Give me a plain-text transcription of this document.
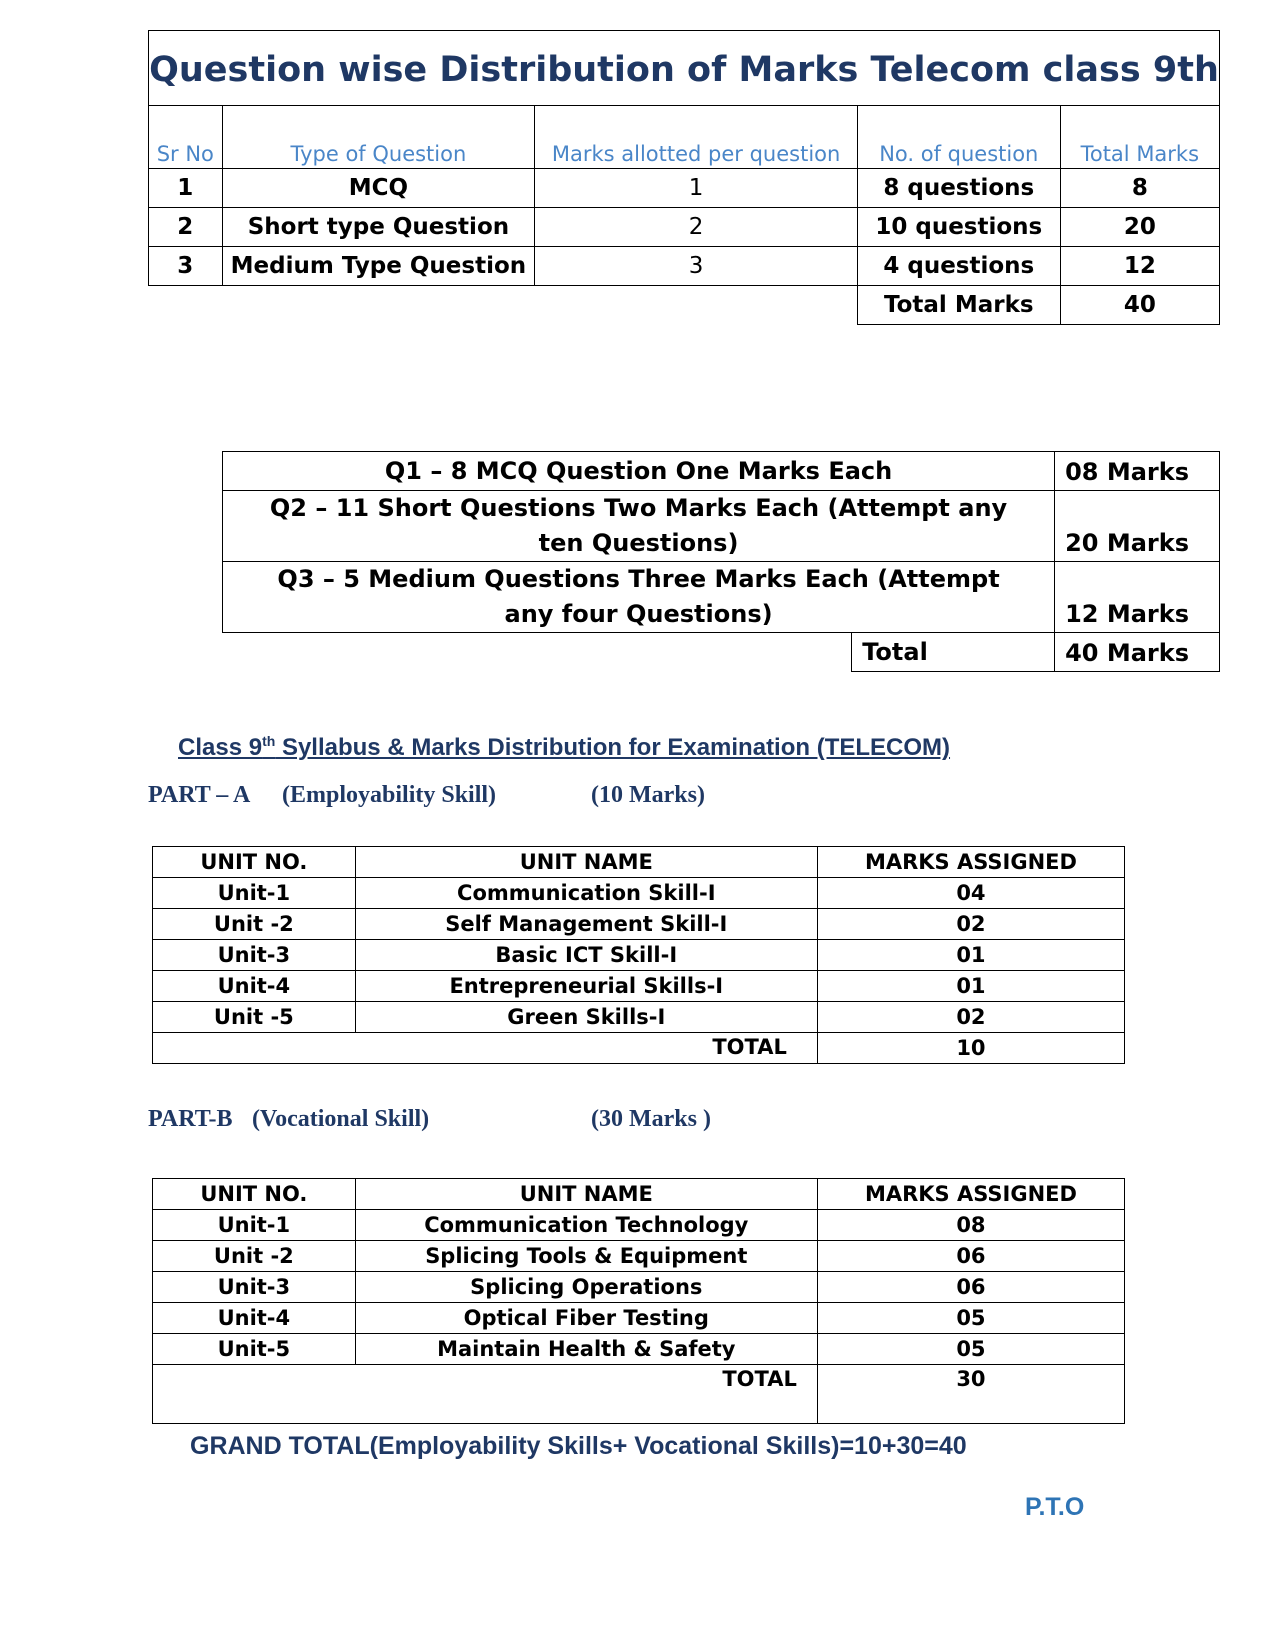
Question wise Distribution of Marks Telecom class 9th				
Sr No	Type of Question	Marks allotted per question	No. of question	Total Marks
1	MCQ	1	8 questions	8
2	Short type Question	2	10 questions	20
3	Medium Type Question	3	4 questions	12
			Total Marks	40
Q1 – 8 MCQ Question One Marks Each		08 Marks
Q2 – 11 Short Questions Two Marks Each (Attempt any ten Questions)		20 Marks
Q3 – 5 Medium Questions Three Marks Each (Attempt any four Questions)		12 Marks
	Total	40 Marks
Class 9th Syllabus & Marks Distribution for Examination (TELECOM)
PART – A (Employability Skill)	(10 Marks)
UNIT NO.	UNIT NAME	MARKS ASSIGNED
Unit-1	Communication Skill-I	04
Unit -2	Self Management Skill-I	02
Unit-3	Basic ICT Skill-I	01
Unit-4	Entrepreneurial Skills-I	01
Unit -5	Green Skills-I	02
TOTAL		10
PART-B (Vocational Skill)	(30 Marks )
UNIT NO.	UNIT NAME	MARKS ASSIGNED
Unit-1	Communication Technology	08
Unit -2	Splicing Tools & Equipment	06
Unit-3	Splicing Operations	06
Unit-4	Optical Fiber Testing	05
Unit-5	Maintain Health & Safety	05
TOTAL		30
GRAND TOTAL(Employability Skills+ Vocational Skills)=10+30=40
P.T.O
